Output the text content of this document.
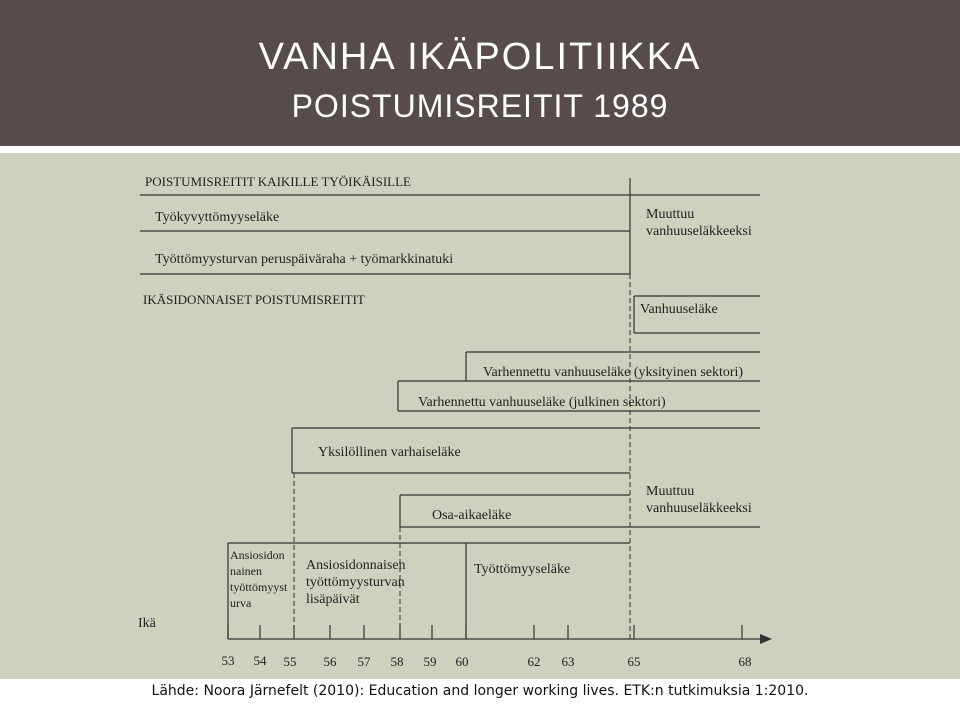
VANHA IKÄPOLITIIKKA
POISTUMISREITIT 1989
POISTUMISREITIT KAIKILLE TYÖIKÄISILLE
Työkyvyttömyyseläke
Työttömyysturvan peruspäiväraha + työmarkkinatuki
Muuttuu vanhuuseläkkeeksi
IKÄSIDONNAISET POISTUMISREITIT
Vanhuuseläke
Varhennettu vanhuuseläke (yksityinen sektori)
Varhennettu vanhuuseläke (julkinen sektori)
Yksilöllinen varhaiseläke
Osa-aikaeläke
Muuttuu vanhuuseläkkeeksi
Ansiosidon nainen työttömyyst urva
Ansiosidonnaisen työttömyysturvan lisäpäivät
Työttömyyseläke
Ikä
53 54 55 56 57 58 59 60	62 63	65	68
Lähde: Noora Järnefelt (2010): Education and longer working lives. ETK:n tutkimuksia 1:2010.
